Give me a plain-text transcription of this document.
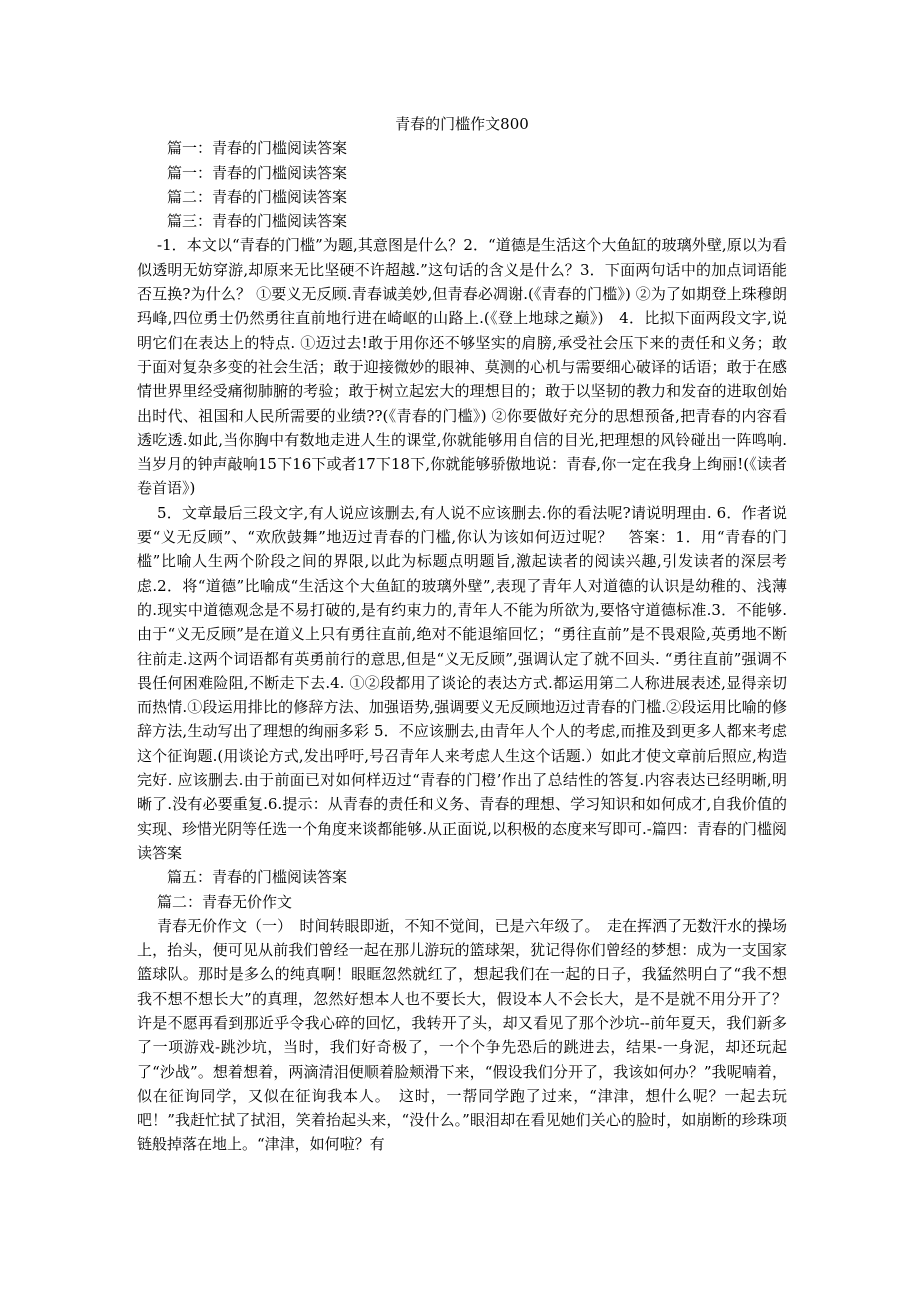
青春的门槛作文800

篇一：青春的门槛阅读答案

篇一：青春的门槛阅读答案

篇二：青春的门槛阅读答案

篇三：青春的门槛阅读答案

-1．本文以“青春的门槛”为题,其意图是什么？2．“道德是生活这个大鱼缸的玻璃外壁,原以为看似透明无妨穿游,却原来无比坚硬不许超越.”这句话的含义是什么？3．下面两句话中的加点词语能否互换?为什么？ ①要义无反顾.青春诚美妙,但青春必凋谢.(《青春的门槛》) ②为了如期登上珠穆朗玛峰,四位勇士仍然勇往直前地行进在崎岖的山路上.(《登上地球之巅》)　4．比拟下面两段文字,说明它们在表达上的特点. ①迈过去!敢于用你还不够坚实的肩膀,承受社会压下来的责任和义务；敢于面对复杂多变的社会生活；敢于迎接微妙的眼神、莫测的心机与需要细心破译的话语；敢于在感情世界里经受痛彻肺腑的考验；敢于树立起宏大的理想目的；敢于以坚韧的教力和发奋的进取创始出时代、祖国和人民所需要的业绩??(《青春的门槛》) ②你要做好充分的思想预备,把青春的内容看透吃透.如此,当你胸中有数地走进人生的课堂,你就能够用自信的目光,把理想的风铃碰出一阵鸣响.当岁月的钟声敲响15下16下或者17下18下,你就能够骄傲地说：青春,你一定在我身上绚丽!(《读者　卷首语》)

5．文章最后三段文字,有人说应该删去,有人说不应该删去.你的看法呢?请说明理由. 6．作者说要“义无反顾”、“欢欣鼓舞”地迈过青春的门槛,你认为该如何迈过呢？　答案：1．用“青春的门槛”比喻人生两个阶段之间的界限,以此为标题点明题旨,激起读者的阅读兴趣,引发读者的深层考虑.2．将“道德”比喻成“生活这个大鱼缸的玻璃外壁”,表现了青年人对道德的认识是幼稚的、浅薄的.现实中道德观念是不易打破的,是有约束力的,青年人不能为所欲为,要恪守道德标准.3．不能够.由于“义无反顾”是在道义上只有勇往直前,绝对不能退缩回忆；“勇往直前”是不畏艰险,英勇地不断往前走.这两个词语都有英勇前行的意思,但是“义无反顾”,强调认定了就不回头. “勇往直前”强调不畏任何困难险阻,不断走下去.4. ①②段都用了谈论的表达方式.都运用第二人称进展表述,显得亲切而热情.①段运用排比的修辞方法、加强语势,强调要义无反顾地迈过青春的门槛.②段运用比喻的修辞方法,生动写出了理想的绚丽多彩 5．不应该删去,由青年人个人的考虑,而推及到更多人都来考虑这个征询题.(用谈论方式,发出呼吁,号召青年人来考虑人生这个话题.）如此才使文章前后照应,构造完好. 应该删去.由于前面已对如何样迈过“青春的门橙’作出了总结性的答复.内容表达已经明晰,明晰了.没有必要重复.6.提示：从青春的责任和义务、青春的理想、学习知识和如何成才,自我价值的实现、珍惜光阴等任选一个角度来谈都能够.从正面说,以积极的态度来写即可.-篇四：青春的门槛阅读答案

篇五：青春的门槛阅读答案

篇二：青春无价作文

青春无价作文（一）　时间转眼即逝，不知不觉间，已是六年级了。　走在挥洒了无数汗水的操场上，抬头，便可见从前我们曾经一起在那儿游玩的篮球架，犹记得你们曾经的梦想：成为一支国家篮球队。那时是多么的纯真啊！眼眶忽然就红了，想起我们在一起的日子，我猛然明白了“我不想我不想不想长大”的真理，忽然好想本人也不要长大，假设本人不会长大，是不是就不用分开了？　许是不愿再看到那近乎令我心碎的回忆，我转开了头，却又看见了那个沙坑--前年夏天，我们新多了一项游戏-跳沙坑，当时，我们好奇极了，一个个争先恐后的跳进去，结果-一身泥，却还玩起了“沙战”。想着想着，两滴清泪便顺着脸颊滑下来，“假设我们分开了，我该如何办？”我呢喃着，似在征询同学，又似在征询我本人。　这时，一帮同学跑了过来，“津津，想什么呢？一起去玩吧！”我赶忙拭了拭泪，笑着抬起头来，“没什么。”眼泪却在看见她们关心的脸时，如崩断的珍珠项链般掉落在地上。“津津，如何啦？有
